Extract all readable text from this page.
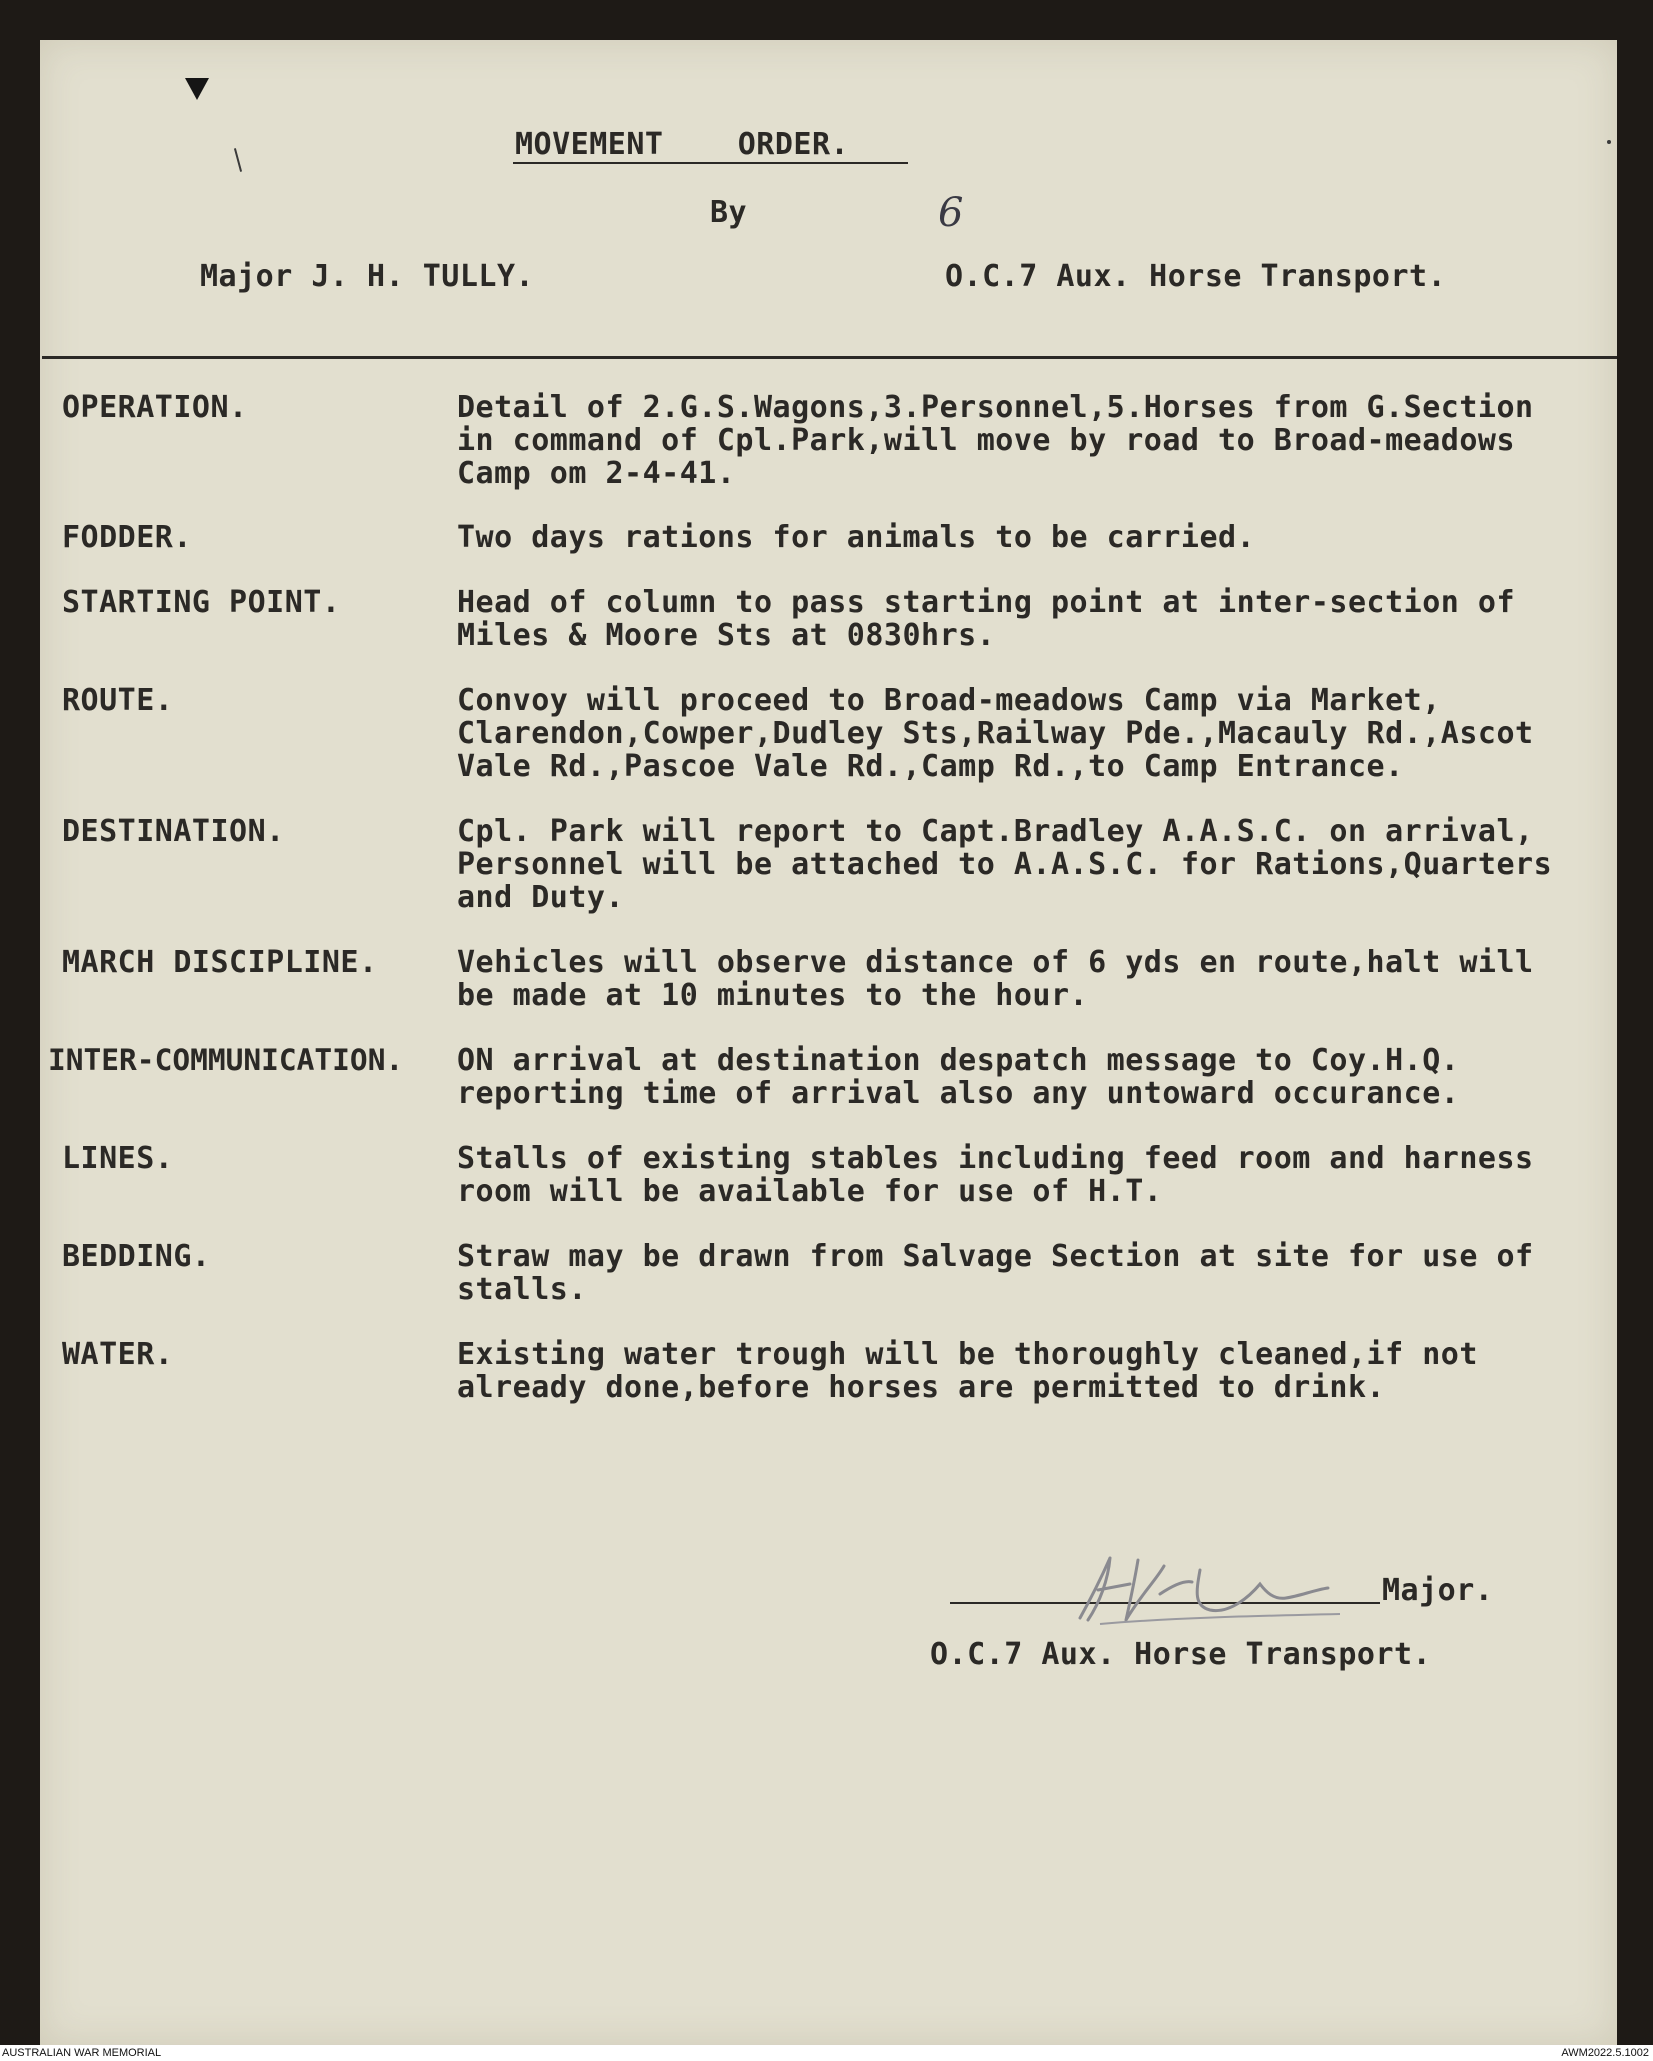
MOVEMENT    ORDER.
By	6
Major J. H. TULLY.	O.C.7 Aux. Horse Transport.
OPERATION.	Detail of 2.G.S.Wagons,3.Personnel,5.Horses from G.Section
in command of Cpl.Park,will move by road to Broad-meadows
Camp om 2-4-41.
FODDER.	Two days rations for animals to be carried.
STARTING POINT.	Head of column to pass starting point at inter-section of
Miles & Moore Sts at 0830hrs.
ROUTE.	Convoy will proceed to Broad-meadows Camp via Market,
Clarendon,Cowper,Dudley Sts,Railway Pde.,Macauly Rd.,Ascot
Vale Rd.,Pascoe Vale Rd.,Camp Rd.,to Camp Entrance.
DESTINATION.	Cpl. Park will report to Capt.Bradley A.A.S.C. on arrival,
Personnel will be attached to A.A.S.C. for Rations,Quarters
and Duty.
MARCH DISCIPLINE.	Vehicles will observe distance of 6 yds en route,halt will
be made at 10 minutes to the hour.
INTER-COMMUNICATION. ON arrival at destination despatch message to Coy.H.Q.
reporting time of arrival also any untoward occurance.
LINES.	Stalls of existing stables including feed room and harness
room will be available for use of H.T.
BEDDING.	Straw may be drawn from Salvage Section at site for use of
stalls.
WATER.	Existing water trough will be thoroughly cleaned,if not
already done,before horses are permitted to drink.
Major.
O.C.7 Aux. Horse Transport.
AUSTRALIAN WAR MEMORIAL	AWM2022.5.1002
